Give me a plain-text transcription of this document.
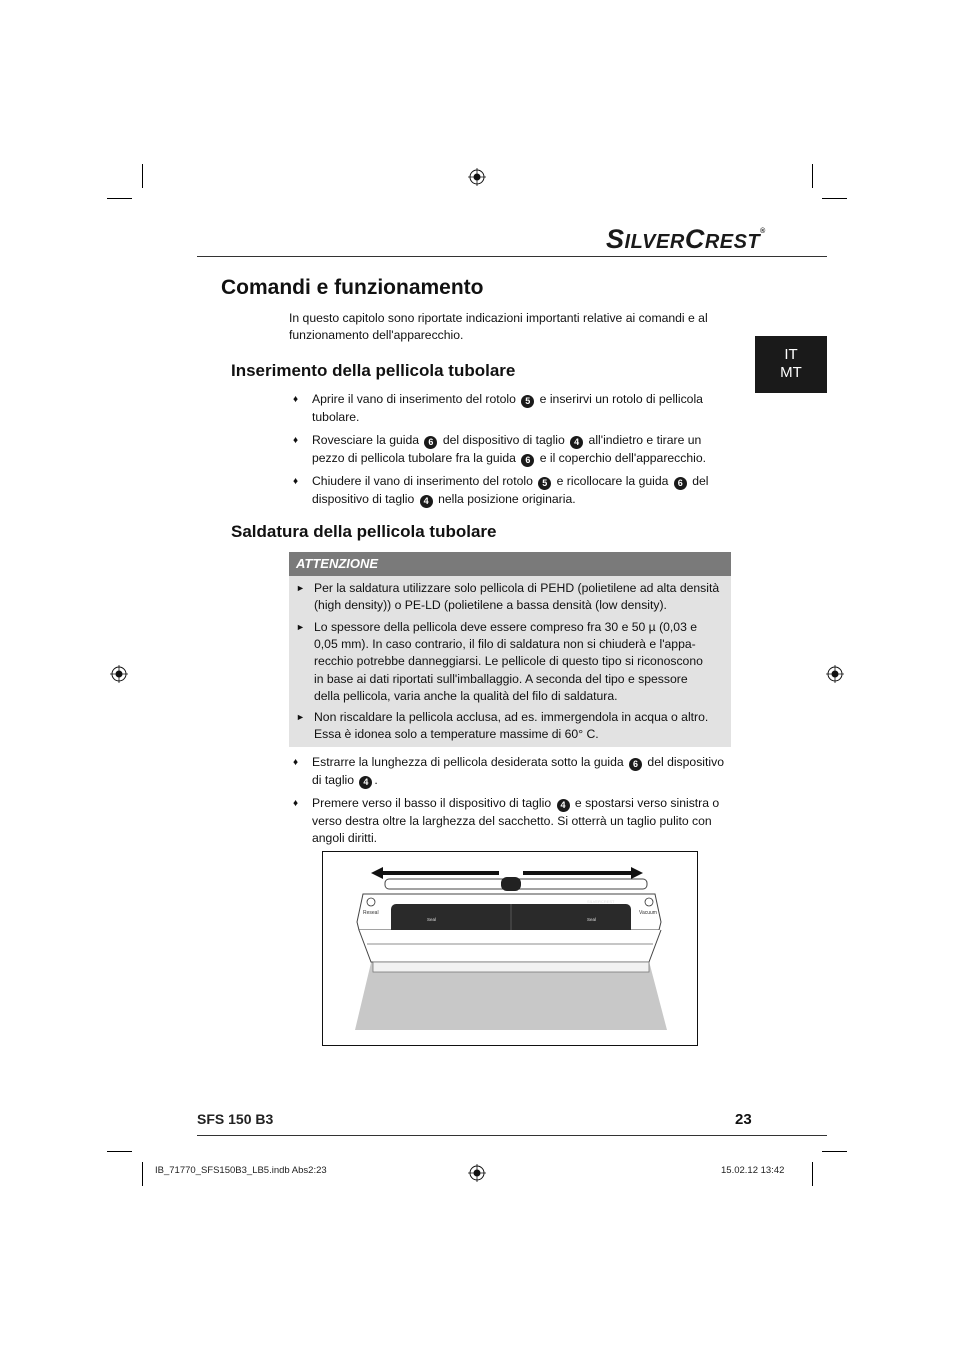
SILVERCREST®
Comandi e funzionamento
IT
MT
In questo capitolo sono riportate indicazioni importanti relative ai comandi e al
funzionamento dell'apparecchio.
Inserimento della pellicola tubolare
♦ Aprire il vano di inserimento del rotolo 5 e inserirvi un rotolo di pellicola
tubolare.
♦ Rovesciare la guida 6 del dispositivo di taglio 4 all'indietro e tirare un
pezzo di pellicola tubolare fra la guida 6 e il coperchio dell'apparecchio.
♦ Chiudere il vano di inserimento del rotolo 5 e ricollocare la guida 6 del
dispositivo di taglio 4 nella posizione originaria.
Saldatura della pellicola tubolare
ATTENZIONE
► Per la saldatura utilizzare solo pellicola di PEHD (polietilene ad alta densità
(high density)) o PE-LD (polietilene a bassa densità (low density).
► Lo spessore della pellicola deve essere compreso fra 30 e 50 µ (0,03 e
0,05 mm). In caso contrario, il filo di saldatura non si chiuderà e l'appa-
recchio potrebbe danneggiarsi. Le pellicole di questo tipo si riconoscono
in base ai dati riportati sull'imballaggio. A seconda del tipo e spessore
della pellicola, varia anche la qualità del filo di saldatura.
► Non riscaldare la pellicola acclusa, ad es. immergendola in acqua o altro.
Essa è idonea solo a temperature massime di 60° C.
♦ Estrarre la lunghezza di pellicola desiderata sotto la guida 6 del dispositivo
di taglio 4 .
♦ Premere verso il basso il dispositivo di taglio 4 e spostarsi verso sinistra o
verso destra oltre la larghezza del sacchetto. Si otterrà un taglio pulito con
angoli diritti.
Reseal	Vacuum
Seal	Seal
SILVERCREST
SFS 150 B3	23
IB_71770_SFS150B3_LB5.indb Abs2:23	15.02.12 13:42
